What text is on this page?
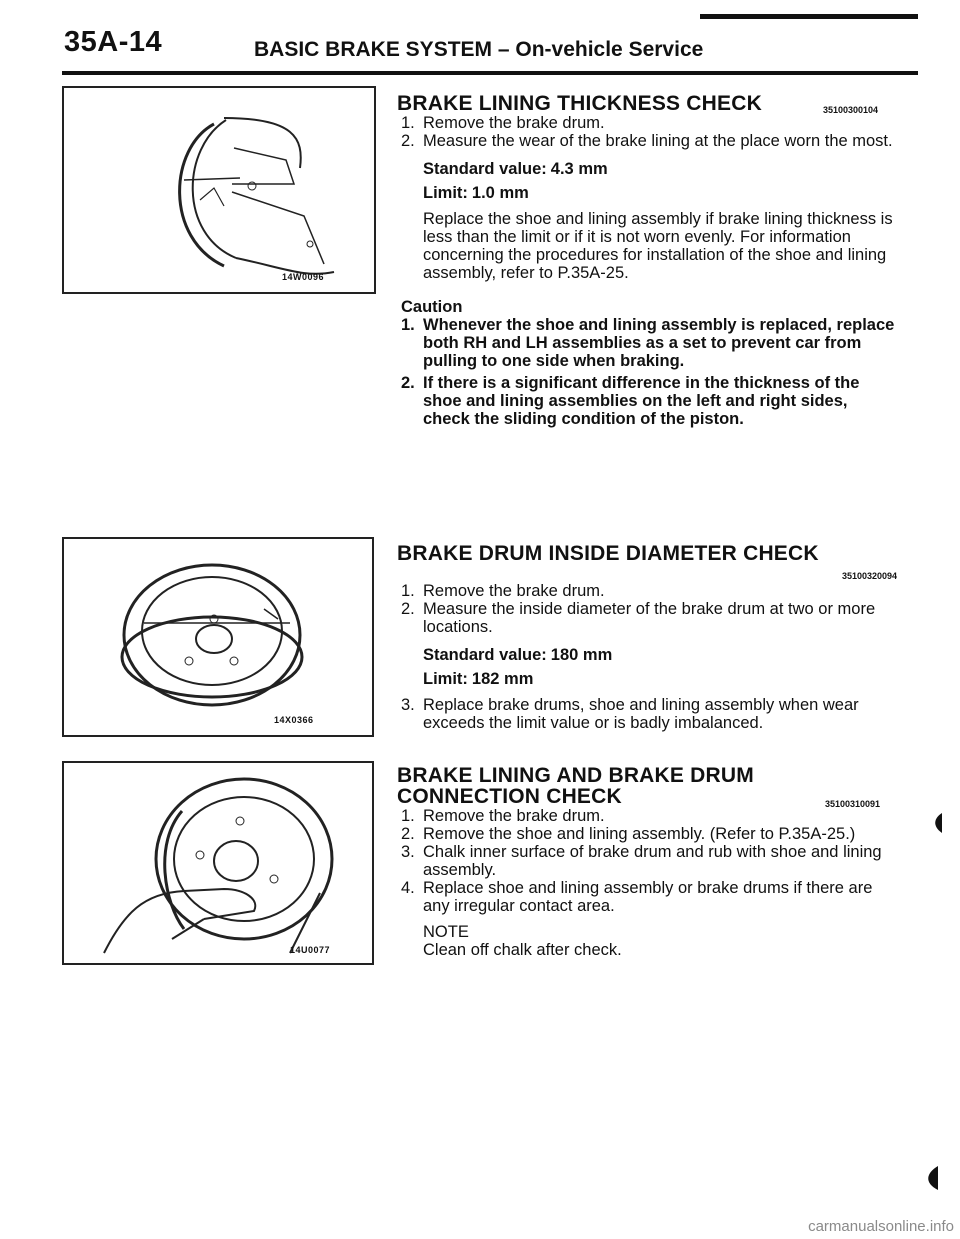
35A-14	BASIC BRAKE SYSTEM – On-vehicle Service
14W0096
14X0366
14U0077
BRAKE LINING THICKNESS CHECK	35100300104
1. Remove the brake drum.
2. Measure the wear of the brake lining at the place worn the most.
Standard value: 4.3 mm
Limit: 1.0 mm
Replace the shoe and lining assembly if brake lining thickness is less than the limit or if it is not worn evenly. For information concerning the procedures for installation of the shoe and lining assembly, refer to P.35A-25.
Caution
1. Whenever the shoe and lining assembly is replaced, replace both RH and LH assemblies as a set to prevent car from pulling to one side when braking.
2. If there is a significant difference in the thickness of the shoe and lining assemblies on the left and right sides, check the sliding condition of the piston.
BRAKE DRUM INSIDE DIAMETER CHECK
35100320094
1. Remove the brake drum.
2. Measure the inside diameter of the brake drum at two or more locations.
Standard value: 180 mm
Limit: 182 mm
3. Replace brake drums, shoe and lining assembly when wear exceeds the limit value or is badly imbalanced.
BRAKE LINING AND BRAKE DRUM
CONNECTION CHECK	35100310091
1. Remove the brake drum.
2. Remove the shoe and lining assembly. (Refer to P.35A-25.)
3. Chalk inner surface of brake drum and rub with shoe and lining assembly.
4. Replace shoe and lining assembly or brake drums if there are any irregular contact area.
NOTE
Clean off chalk after check.
carmanualsonline.info
